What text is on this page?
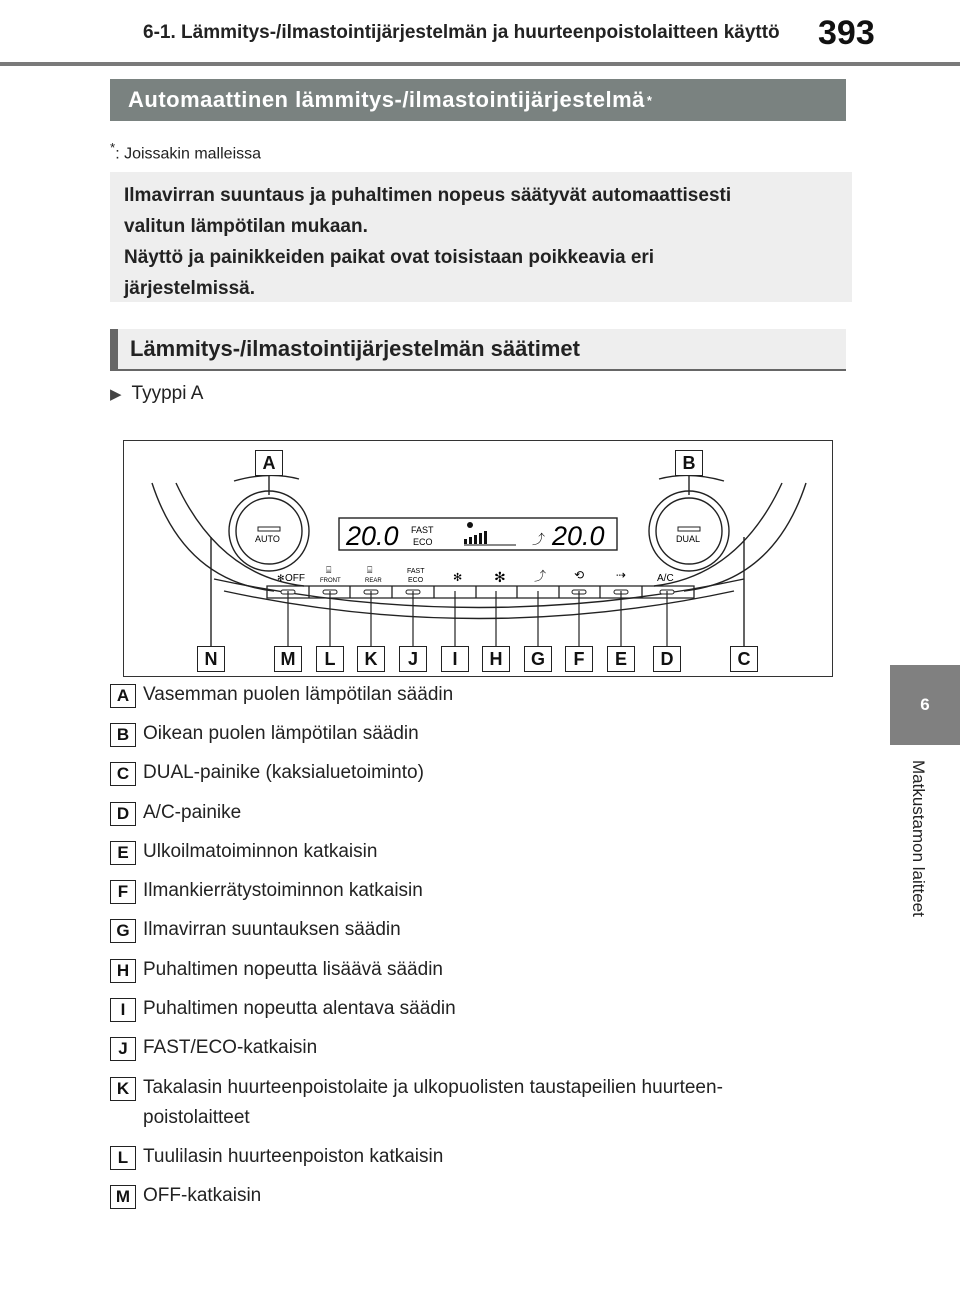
6-1. Lämmitys-/ilmastointijärjestelmän ja huurteenpoistolaitteen käyttö 393
6
Matkustamon laitteet
Automaattinen lämmitys-/ilmastointijärjestelmä *
*: Joissakin malleissa
Ilmavirran suuntaus ja puhaltimen nopeus säätyvät automaattisesti
valitun lämpötilan mukaan.
Näyttö ja painikkeiden paikat ovat toisistaan poikkeavia eri
järjestelmissä.
Lämmitys-/ilmastointijärjestelmän säätimet
▶ Tyyppi A
AUTO	DUAL
20.0 FAST
ECO	⤴ 20.0
✻ OFF
⌸
FRONT
⌸
REAR
FAST
ECO	✻ ✻ ⤴ ⟲	⇢	A/C
A	B
N	M	L	K	J	I	H	G	F	E	D	C
A Vasemman puolen lämpötilan säädin
B Oikean puolen lämpötilan säädin
C DUAL-painike (kaksialuetoiminto)
D A/C-painike
E Ulkoilmatoiminnon katkaisin
F Ilmankierrätystoiminnon katkaisin
G Ilmavirran suuntauksen säädin
H Puhaltimen nopeutta lisäävä säädin
I Puhaltimen nopeutta alentava säädin
J FAST/ECO-katkaisin
K Takalasin huurteenpoistolaite ja ulkopuolisten taustapeilien huurteen-poistolaitteet
L Tuulilasin huurteenpoiston katkaisin
M OFF-katkaisin
